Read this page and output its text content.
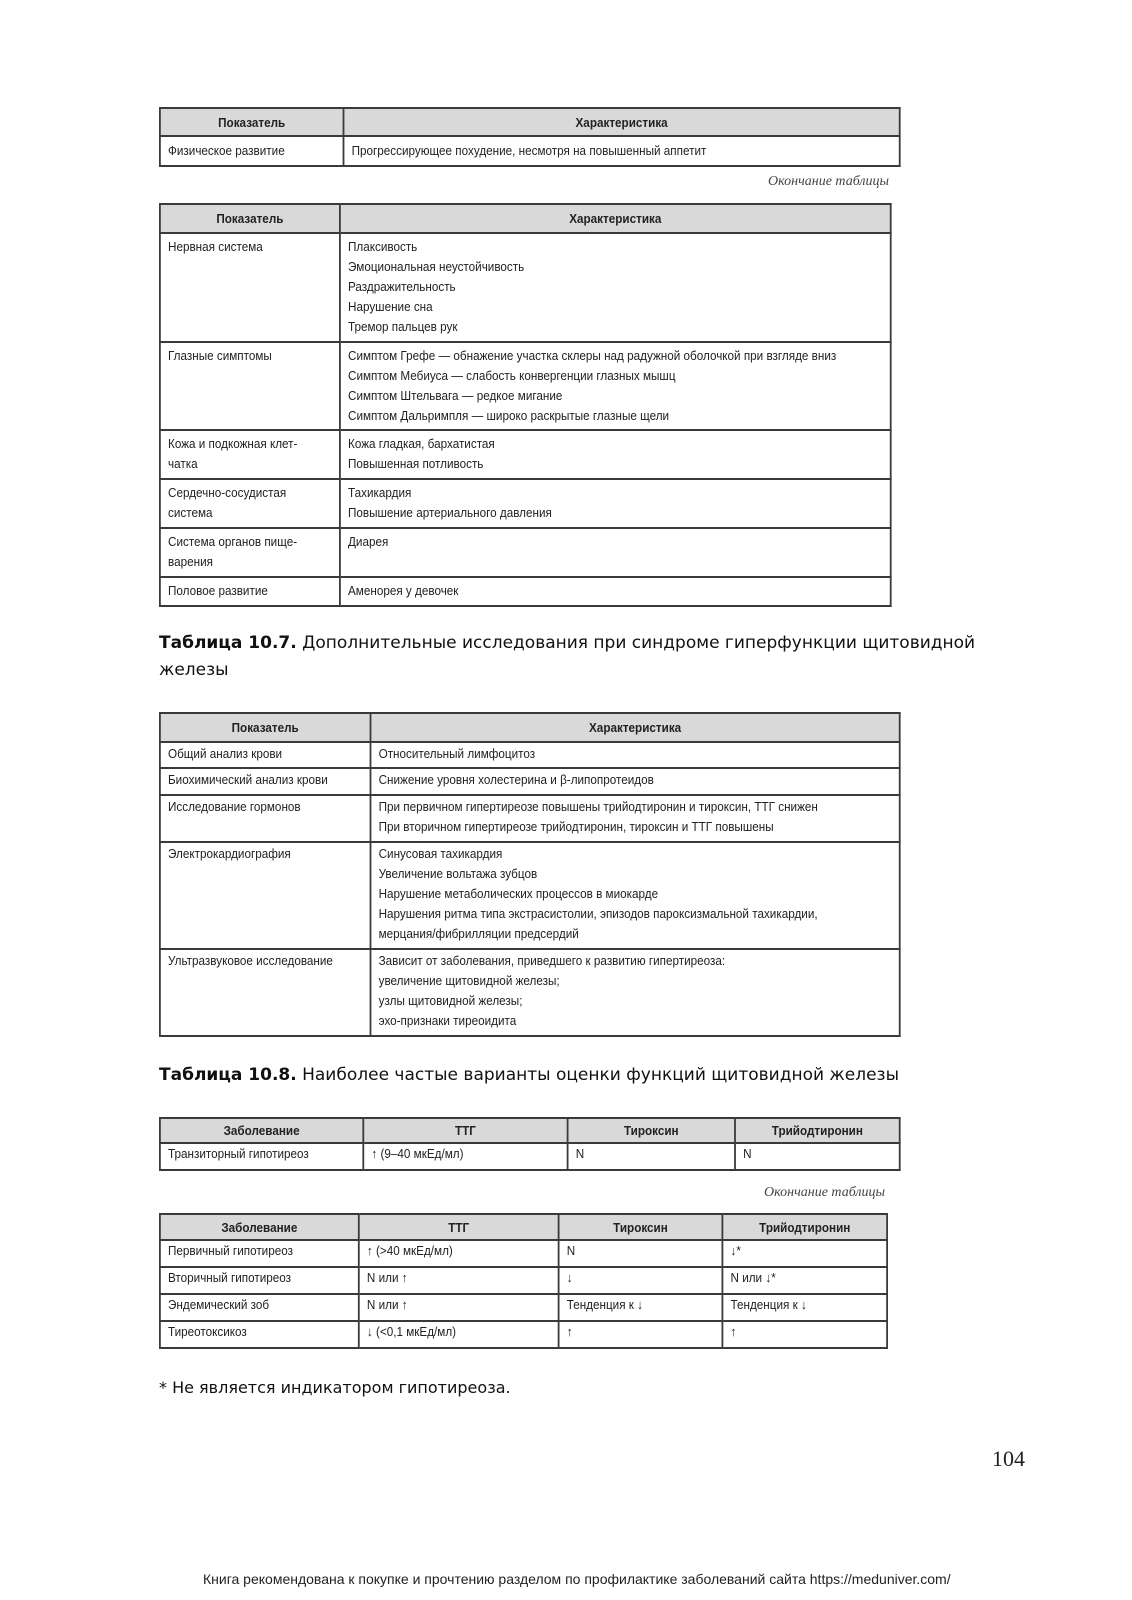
Показатель	Характеристика
Физическое развитие	Прогрессирующее похудение, несмотря на повышенный аппетит
Окончание таблицы
Показатель	Характеристика

Нервная система	Плаксивость
Эмоциональная неустойчивость
Раздражительность
Нарушение сна
Тремор пальцев рук

Глазные симптомы	Симптом Грефе — обнажение участка склеры над радужной оболочкой при взгляде вниз
Симптом Мебиуса — слабость конвергенции глазных мышц
Симптом Штельвага — редкое мигание
Симптом Дальримпля — широко раскрытые глазные щели

Кожа и подкожная клет-
чатка	Кожа гладкая, бархатистая
Повышенная потливость

Сердечно-сосудистая
система	Тахикардия
Повышение артериального давления

Система органов пище-
варения	Диарея

Половое развитие	Аменорея у девочек
Таблица 10.7. Дополнительные исследования при синдроме гиперфункции щитовидной железы
Показатель	Характеристика
Общий анализ крови	Относительный лимфоцитоз

Биохимический анализ крови	Снижение уровня холестерина и β-липопротеидов

Исследование гормонов	При первичном гипертиреозе повышены трийодтиронин и тироксин, ТТГ снижен
При вторичном гипертиреозе трийодтиронин, тироксин и ТТГ повышены

Электрокардиография	Синусовая тахикардия
Увеличение вольтажа зубцов
Нарушение метаболических процессов в миокарде
Нарушения ритма типа экстрасистолии, эпизодов пароксизмальной тахикардии,
мерцания/фибрилляции предсердий

Ультразвуковое исследование	Зависит от заболевания, приведшего к развитию гипертиреоза:
увеличение щитовидной железы;
узлы щитовидной железы;
эхо-признаки тиреоидита
Таблица 10.8. Наиболее частые варианты оценки функций щитовидной железы
Заболевание	ТТГ	Тироксин	Трийодтиронин
Транзиторный гипотиреоз	↑ (9–40 мкЕд/мл)	N	N
Окончание таблицы
Заболевание	ТТГ	Тироксин	Трийодтиронин
Первичный гипотиреоз	↑ (>40 мкЕд/мл)	N	↓*
Вторичный гипотиреоз	N или ↑	↓	N или ↓*
Эндемический зоб	N или ↑	Тенденция к ↓	Тенденция к ↓
Тиреотоксикоз	↓ (<0,1 мкЕд/мл)	↑	↑
* Не является индикатором гипотиреоза.
104
Книга рекомендована к покупке и прочтению разделом по профилактике заболеваний сайта https://meduniver.com/
